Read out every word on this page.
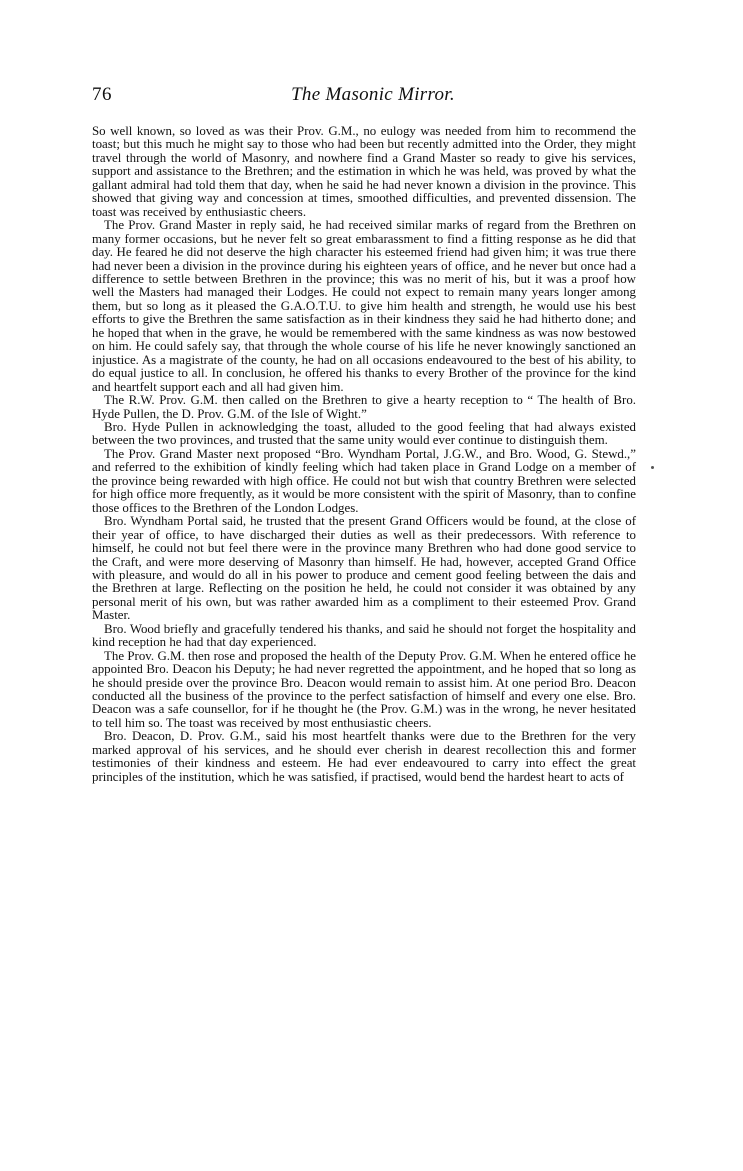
76	The Masonic Mirror.

So well known, so loved as was their Prov. G.M., no eulogy was needed from him to recommend the toast; but this much he might say to those who had been but recently admitted into the Order, they might travel through the world of Masonry, and nowhere find a Grand Master so ready to give his services, support and assistance to the Brethren; and the estimation in which he was held, was proved by what the gallant admiral had told them that day, when he said he had never known a division in the province. This showed that giving way and concession at times, smoothed difficulties, and prevented dissension. The toast was received by enthusiastic cheers.

The Prov. Grand Master in reply said, he had received similar marks of regard from the Brethren on many former occasions, but he never felt so great embarassment to find a fitting response as he did that day. He feared he did not deserve the high character his esteemed friend had given him; it was true there had never been a division in the province during his eighteen years of office, and he never but once had a difference to settle between Brethren in the province; this was no merit of his, but it was a proof how well the Masters had managed their Lodges. He could not expect to remain many years longer among them, but so long as it pleased the G.A.O.T.U. to give him health and strength, he would use his best efforts to give the Brethren the same satisfaction as in their kindness they said he had hitherto done; and he hoped that when in the grave, he would be remembered with the same kindness as was now bestowed on him. He could safely say, that through the whole course of his life he never knowingly sanctioned an injustice. As a magistrate of the county, he had on all occasions endeavoured to the best of his ability, to do equal justice to all. In conclusion, he offered his thanks to every Brother of the province for the kind and heartfelt support each and all had given him.

The R.W. Prov. G.M. then called on the Brethren to give a hearty reception to “ The health of Bro. Hyde Pullen, the D. Prov. G.M. of the Isle of Wight.”

Bro. Hyde Pullen in acknowledging the toast, alluded to the good feeling that had always existed between the two provinces, and trusted that the same unity would ever continue to distinguish them.

The Prov. Grand Master next proposed “Bro. Wyndham Portal, J.G.W., and Bro. Wood, G. Stewd.,” and referred to the exhibition of kindly feeling which had taken place in Grand Lodge on a member of the province being rewarded with high office. He could not but wish that country Brethren were selected for high office more frequently, as it would be more consistent with the spirit of Masonry, than to confine those offices to the Brethren of the London Lodges.

Bro. Wyndham Portal said, he trusted that the present Grand Officers would be found, at the close of their year of office, to have discharged their duties as well as their predecessors. With reference to himself, he could not but feel there were in the province many Brethren who had done good service to the Craft, and were more deserving of Masonry than himself. He had, however, accepted Grand Office with pleasure, and would do all in his power to produce and cement good feeling between the dais and the Brethren at large. Reflecting on the position he held, he could not consider it was obtained by any personal merit of his own, but was rather awarded him as a compliment to their esteemed Prov. Grand Master.

Bro. Wood briefly and gracefully tendered his thanks, and said he should not forget the hospitality and kind reception he had that day experienced.

The Prov. G.M. then rose and proposed the health of the Deputy Prov. G.M. When he entered office he appointed Bro. Deacon his Deputy; he had never regretted the appointment, and he hoped that so long as he should preside over the province Bro. Deacon would remain to assist him. At one period Bro. Deacon conducted all the business of the province to the perfect satisfaction of himself and every one else. Bro. Deacon was a safe counsellor, for if he thought he (the Prov. G.M.) was in the wrong, he never hesitated to tell him so. The toast was received by most enthusiastic cheers.

Bro. Deacon, D. Prov. G.M., said his most heartfelt thanks were due to the Brethren for the very marked approval of his services, and he should ever cherish in dearest recollection this and former testimonies of their kindness and esteem. He had ever endeavoured to carry into effect the great principles of the institution, which he was satisfied, if practised, would bend the hardest heart to acts of
